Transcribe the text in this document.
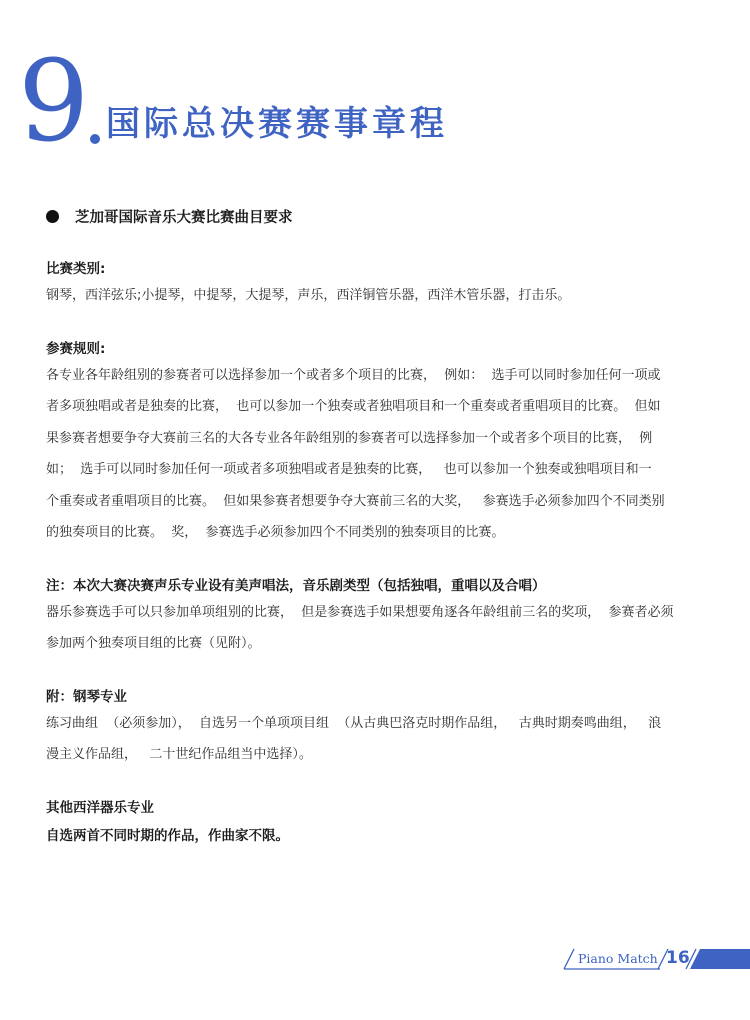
9 国际总决赛赛事章程
芝加哥国际音乐大赛比赛曲目要求
比赛类别:
钢琴，西洋弦乐;小提琴，中提琴，大提琴，声乐，西洋铜管乐器，西洋木管乐器，打击乐。
参赛规则:
各专业各年龄组别的参赛者可以选择参加一个或者多个项目的比赛，  例如：  选手可以同时参加任何一项或
者多项独唱或者是独奏的比赛，  也可以参加一个独奏或者独唱项目和一个重奏或者重唱项目的比赛。  但如
果参赛者想要争夺大赛前三名的大各专业各年龄组别的参赛者可以选择参加一个或者多个项目的比赛，  例
如；  选手可以同时参加任何一项或者多项独唱或者是独奏的比赛，   也可以参加一个独奏或独唱项目和一
个重奏或者重唱项目的比赛。  但如果参赛者想要争夺大赛前三名的大奖，   参赛选手必须参加四个不同类别
的独奏项目的比赛。  奖，  参赛选手必须参加四个不同类别的独奏项目的比赛。
注：本次大赛决赛声乐专业设有美声唱法，音乐剧类型（包括独唱，重唱以及合唱）
器乐参赛选手可以只参加单项组别的比赛，  但是参赛选手如果想要角逐各年龄组前三名的奖项，  参赛者必须
参加两个独奏项目组的比赛（见附）。
附：钢琴专业
练习曲组  （必须参加），  自选另一个单项项目组  （从古典巴洛克时期作品组，   古典时期奏鸣曲组，   浪
漫主义作品组，   二十世纪作品组当中选择）。
其他西洋器乐专业
自选两首不同时期的作品，作曲家不限。
Piano Match 16
